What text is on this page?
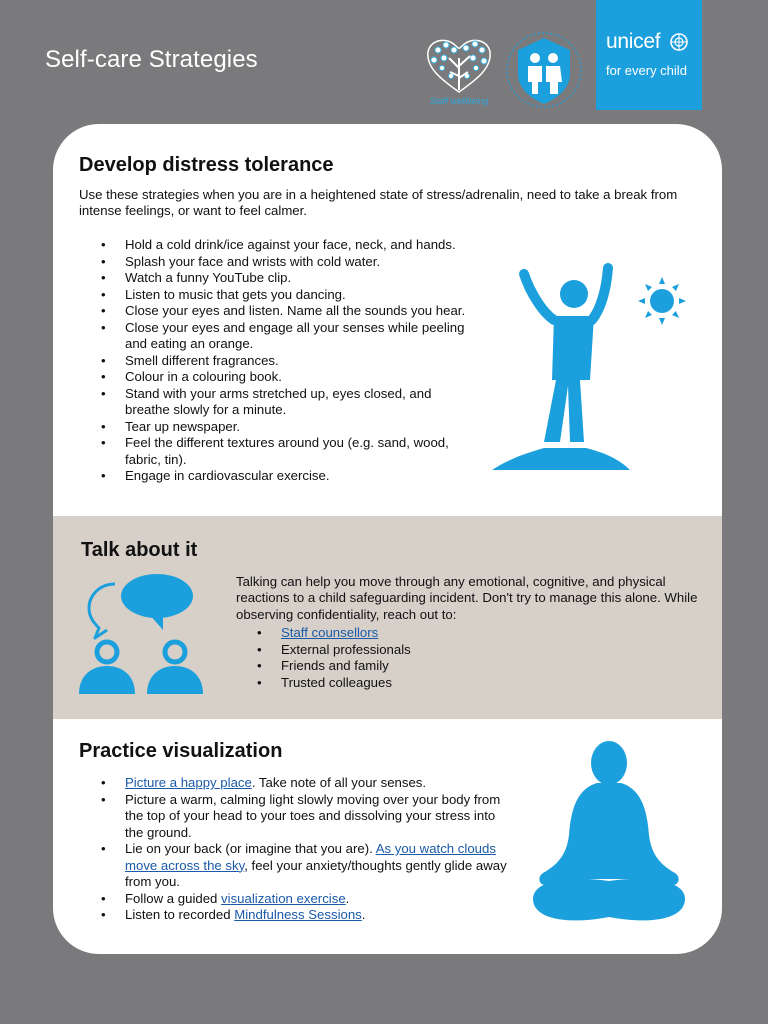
Self-care Strategies
Staff wellbeing
unicef
for every child
Develop distress tolerance

Use these strategies when you are in a heightened state of stress/adrenalin, need to take a break from intense feelings, or want to feel calmer.

• Hold a cold drink/ice against your face, neck, and hands.
• Splash your face and wrists with cold water.
• Watch a funny YouTube clip.
• Listen to music that gets you dancing.
• Close your eyes and listen. Name all the sounds you hear.
• Close your eyes and engage all your senses while peeling and eating an orange.
• Smell different fragrances.
• Colour in a colouring book.
• Stand with your arms stretched up, eyes closed, and breathe slowly for a minute.
• Tear up newspaper.
• Feel the different textures around you (e.g. sand, wood, fabric, tin).
• Engage in cardiovascular exercise.
Talk about it

Talking can help you move through any emotional, cognitive, and physical reactions to a child safeguarding incident. Don't try to manage this alone. While observing confidentiality, reach out to:

• Staff counsellors
• External professionals
• Friends and family
• Trusted colleagues
Practice visualization
• Picture a happy place. Take note of all your senses.
• Picture a warm, calming light slowly moving over your body from the top of your head to your toes and dissolving your stress into the ground.
• Lie on your back (or imagine that you are). As you watch clouds move across the sky, feel your anxiety/thoughts gently glide away from you.
• Follow a guided visualization exercise.
• Listen to recorded Mindfulness Sessions.
